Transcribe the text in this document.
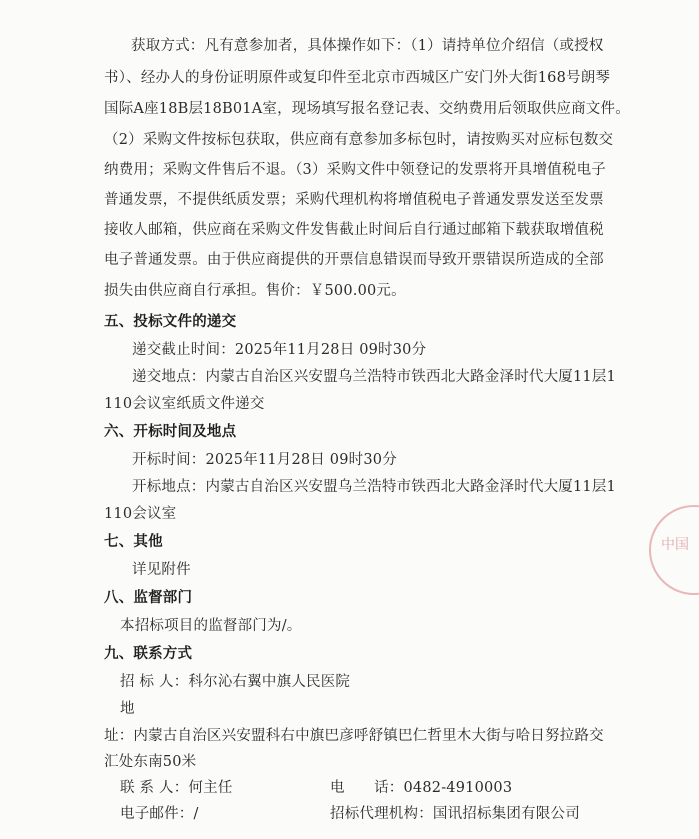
获取方式：凡有意参加者，具体操作如下：（1）请持单位介绍信（或授权
书）、经办人的身份证明原件或复印件至北京市西城区广安门外大街168号朗琴
国际A座18B层18B01A室，现场填写报名登记表、交纳费用后领取供应商文件。
（2）采购文件按标包获取，供应商有意参加多标包时，请按购买对应标包数交
纳费用；采购文件售后不退。（3）采购文件中领登记的发票将开具增值税电子
普通发票，不提供纸质发票；采购代理机构将增值税电子普通发票发送至发票
接收人邮箱，供应商在采购文件发售截止时间后自行通过邮箱下载获取增值税
电子普通发票。由于供应商提供的开票信息错误而导致开票错误所造成的全部
损失由供应商自行承担。售价：￥500.00元。
五、投标文件的递交
递交截止时间：2025年11月28日 09时30分
递交地点：内蒙古自治区兴安盟乌兰浩特市铁西北大路金泽时代大厦11层1
110会议室纸质文件递交
六、开标时间及地点
开标时间：2025年11月28日 09时30分
开标地点：内蒙古自治区兴安盟乌兰浩特市铁西北大路金泽时代大厦11层1
110会议室
七、其他
详见附件
八、监督部门
本招标项目的监督部门为/。
九、联系方式
招 标 人：科尔沁右翼中旗人民医院
地
址：内蒙古自治区兴安盟科右中旗巴彦呼舒镇巴仁哲里木大街与哈日努拉路交
汇处东南50米
联 系 人：何主任
电子邮件：/
电　　话：0482-4910003
招标代理机构：国讯招标集团有限公司
中国
